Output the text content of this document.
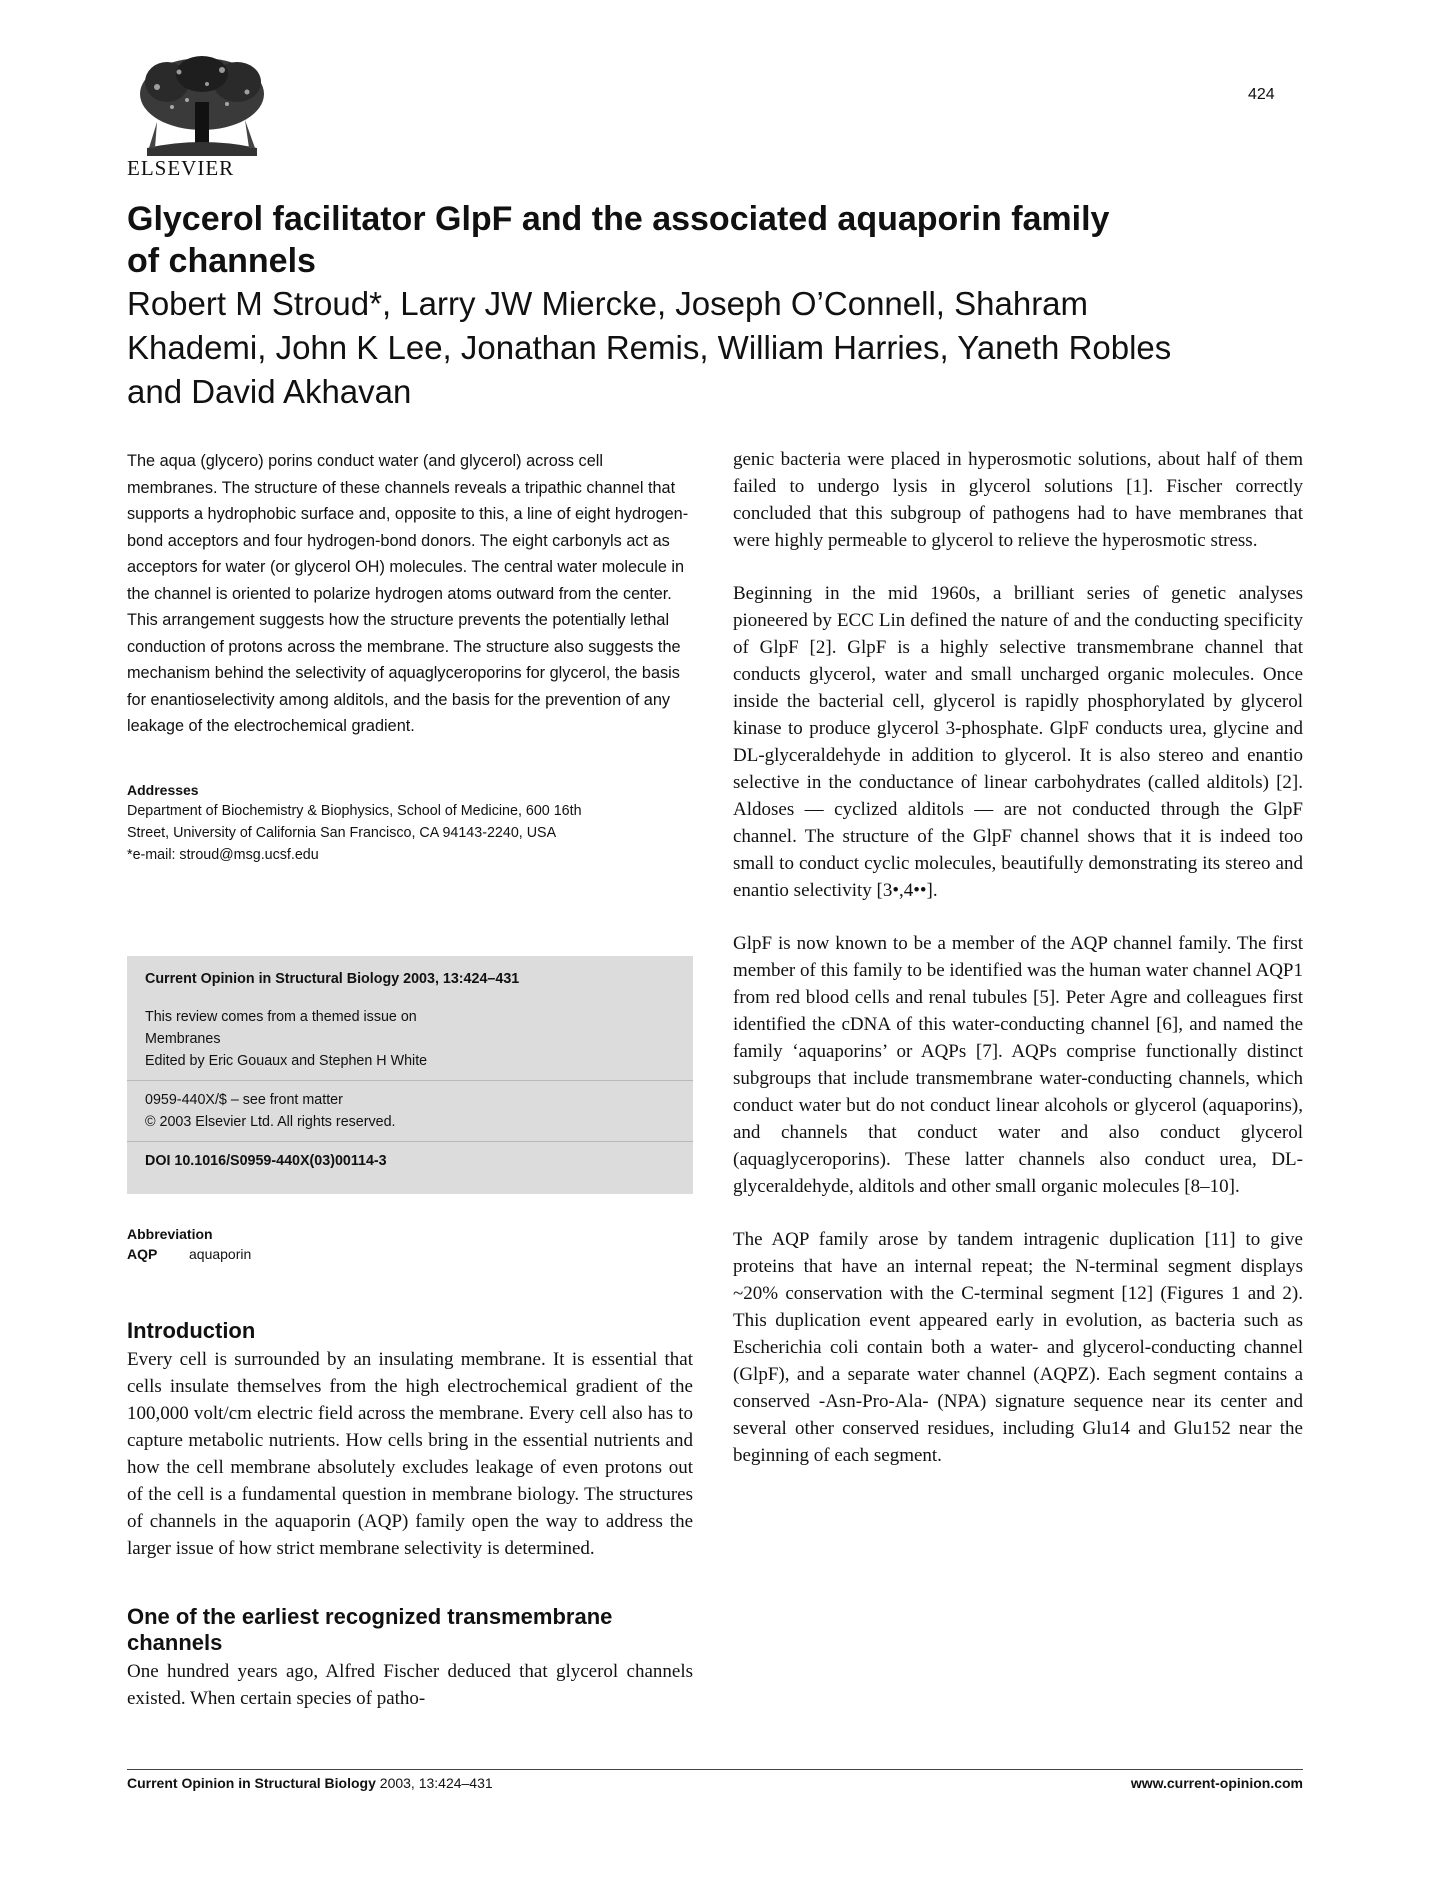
ELSEVIER
424
Glycerol facilitator GlpF and the associated aquaporin family of channels
Robert M Stroud*, Larry JW Miercke, Joseph O’Connell, Shahram Khademi, John K Lee, Jonathan Remis, William Harries, Yaneth Robles and David Akhavan

The aqua (glycero) porins conduct water (and glycerol) across cell membranes. The structure of these channels reveals a tripathic channel that supports a hydrophobic surface and, opposite to this, a line of eight hydrogen-bond acceptors and four hydrogen-bond donors. The eight carbonyls act as acceptors for water (or glycerol OH) molecules. The central water molecule in the channel is oriented to polarize hydrogen atoms outward from the center. This arrangement suggests how the structure prevents the potentially lethal conduction of protons across the membrane. The structure also suggests the mechanism behind the selectivity of aquaglyceroporins for glycerol, the basis for enantioselectivity among alditols, and the basis for the prevention of any leakage of the electrochemical gradient.

Addresses

Department of Biochemistry & Biophysics, School of Medicine, 600 16th

Street, University of California San Francisco, CA 94143-2240, USA

*e-mail: stroud@msg.ucsf.edu

Current Opinion in Structural Biology 2003, 13:424–431

This review comes from a themed issue on

Membranes

Edited by Eric Gouaux and Stephen H White

0959-440X/$ – see front matter

© 2003 Elsevier Ltd. All rights reserved.

DOI 10.1016/S0959-440X(03)00114-3

Abbreviation
AQP aquaporin
Introduction

Every cell is surrounded by an insulating membrane. It is essential that cells insulate themselves from the high electrochemical gradient of the 100,000 volt/cm electric field across the membrane. Every cell also has to capture metabolic nutrients. How cells bring in the essential nutrients and how the cell membrane absolutely excludes leakage of even protons out of the cell is a fundamental question in membrane biology. The structures of channels in the aquaporin (AQP) family open the way to address the larger issue of how strict membrane selectivity is determined.

One of the earliest recognized transmembrane channels

One hundred years ago, Alfred Fischer deduced that glycerol channels existed. When certain species of patho-

genic bacteria were placed in hyperosmotic solutions, about half of them failed to undergo lysis in glycerol solutions [1]. Fischer correctly concluded that this subgroup of pathogens had to have membranes that were highly permeable to glycerol to relieve the hyperosmotic stress.

Beginning in the mid 1960s, a brilliant series of genetic analyses pioneered by ECC Lin defined the nature of and the conducting specificity of GlpF [2]. GlpF is a highly selective transmembrane channel that conducts glycerol, water and small uncharged organic molecules. Once inside the bacterial cell, glycerol is rapidly phosphorylated by glycerol kinase to produce glycerol 3-phosphate. GlpF conducts urea, glycine and DL-glyceraldehyde in addition to glycerol. It is also stereo and enantio selective in the conductance of linear carbohydrates (called alditols) [2]. Aldoses — cyclized alditols — are not conducted through the GlpF channel. The structure of the GlpF channel shows that it is indeed too small to conduct cyclic molecules, beautifully demonstrating its stereo and enantio selectivity [3•,4••].

GlpF is now known to be a member of the AQP channel family. The first member of this family to be identified was the human water channel AQP1 from red blood cells and renal tubules [5]. Peter Agre and colleagues first identified the cDNA of this water-conducting channel [6], and named the family ‘aquaporins’ or AQPs [7]. AQPs comprise functionally distinct subgroups that include transmembrane water-conducting channels, which conduct water but do not conduct linear alcohols or glycerol (aquaporins), and channels that conduct water and also conduct glycerol (aquaglyceroporins). These latter channels also conduct urea, DL-glyceraldehyde, alditols and other small organic molecules [8–10].

The AQP family arose by tandem intragenic duplication [11] to give proteins that have an internal repeat; the N-terminal segment displays ~20% conservation with the C-terminal segment [12] (Figures 1 and 2). This duplication event appeared early in evolution, as bacteria such as Escherichia coli contain both a water- and glycerol-conducting channel (GlpF), and a separate water channel (AQPZ). Each segment contains a conserved -Asn-Pro-Ala- (NPA) signature sequence near its center and several other conserved residues, including Glu14 and Glu152 near the beginning of each segment.

Current Opinion in Structural Biology 2003, 13:424–431	www.current-opinion.com
